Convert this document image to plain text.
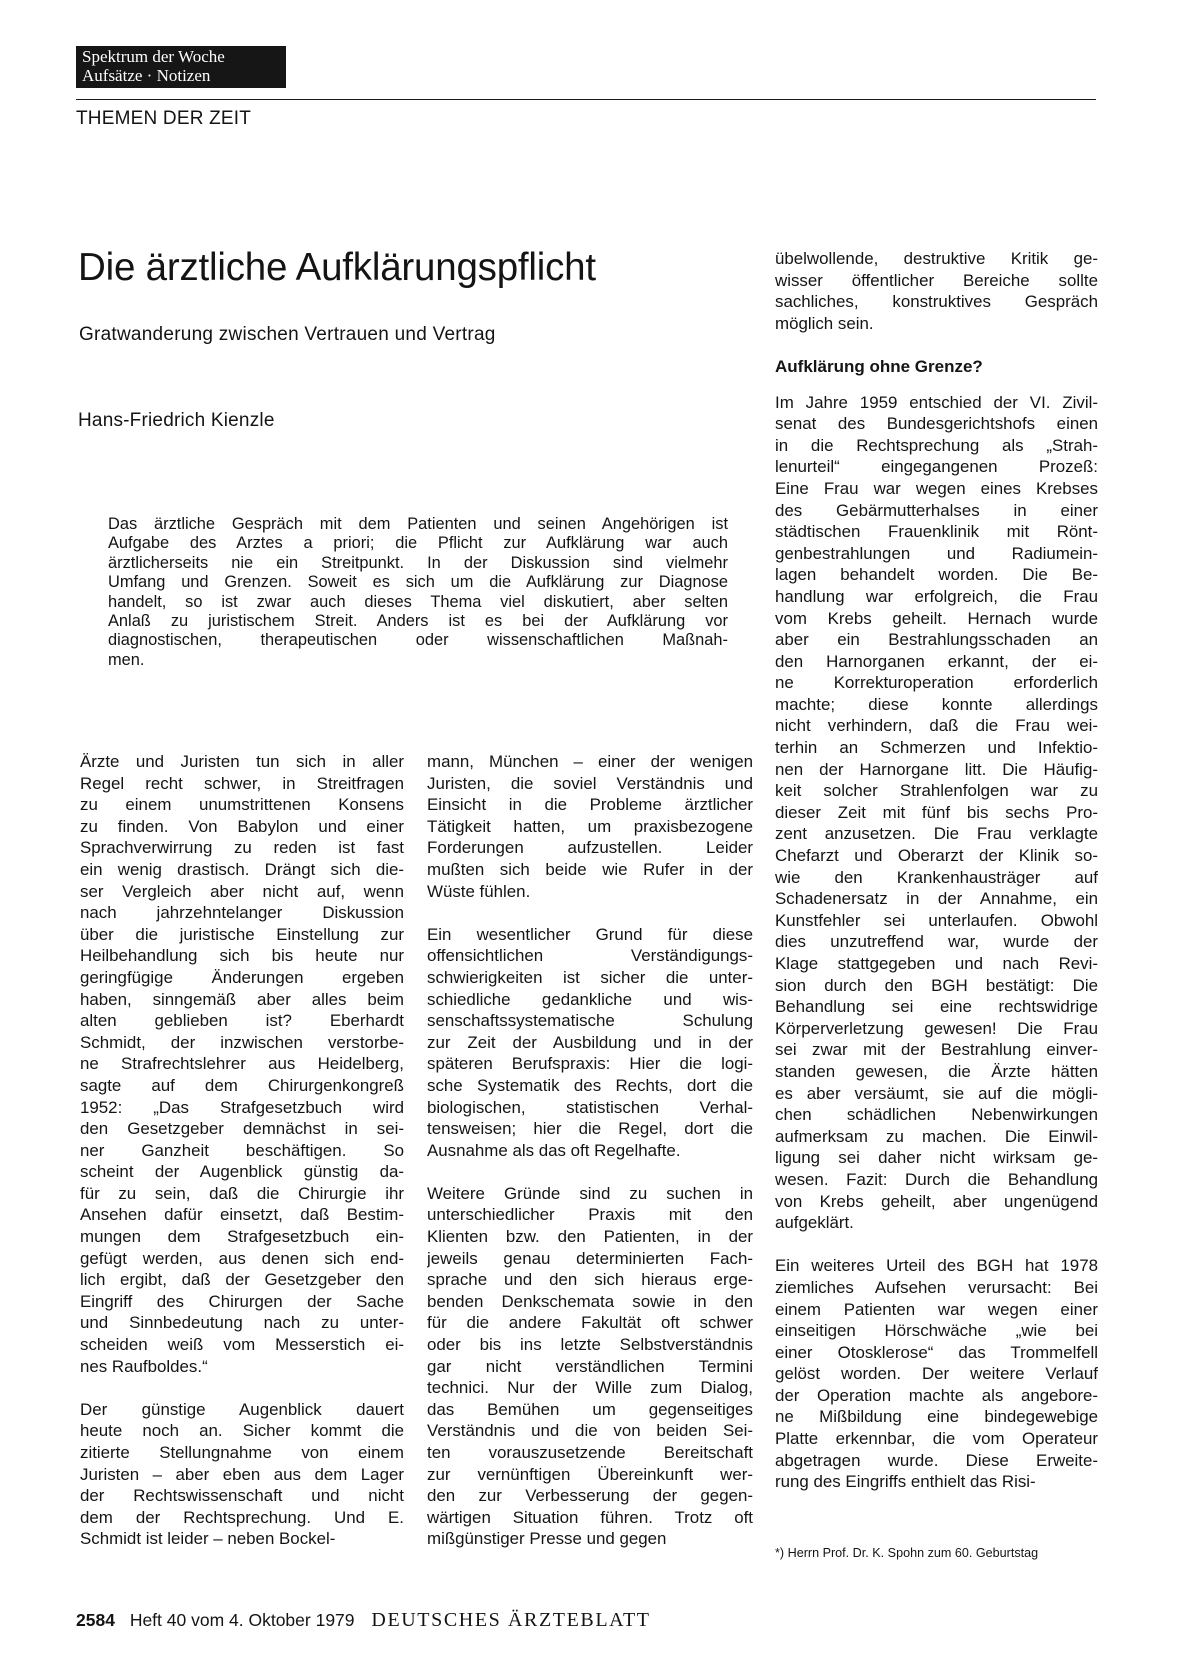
Spektrum der Woche
Aufsätze · Notizen
THEMEN DER ZEIT
Die ärztliche Aufklärungspflicht
Gratwanderung zwischen Vertrauen und Vertrag
Hans-Friedrich Kienzle
Das ärztliche Gespräch mit dem Patienten und seinen Angehörigen ist
Aufgabe des Arztes a priori; die Pflicht zur Aufklärung war auch
ärztlicherseits nie ein Streitpunkt. In der Diskussion sind vielmehr
Umfang und Grenzen. Soweit es sich um die Aufklärung zur Diagnose
handelt, so ist zwar auch dieses Thema viel diskutiert, aber selten
Anlaß zu juristischem Streit. Anders ist es bei der Aufklärung vor
diagnostischen, therapeutischen oder wissenschaftlichen Maßnah-
men.
Ärzte und Juristen tun sich in aller
Regel recht schwer, in Streitfragen
zu einem unumstrittenen Konsens
zu finden. Von Babylon und einer
Sprachverwirrung zu reden ist fast
ein wenig drastisch. Drängt sich die-
ser Vergleich aber nicht auf, wenn
nach jahrzehntelanger Diskussion
über die juristische Einstellung zur
Heilbehandlung sich bis heute nur
geringfügige Änderungen ergeben
haben, sinngemäß aber alles beim
alten geblieben ist? Eberhardt
Schmidt, der inzwischen verstorbe-
ne Strafrechtslehrer aus Heidelberg,
sagte auf dem Chirurgenkongreß
1952: „Das Strafgesetzbuch wird
den Gesetzgeber demnächst in sei-
ner Ganzheit beschäftigen. So
scheint der Augenblick günstig da-
für zu sein, daß die Chirurgie ihr
Ansehen dafür einsetzt, daß Bestim-
mungen dem Strafgesetzbuch ein-
gefügt werden, aus denen sich end-
lich ergibt, daß der Gesetzgeber den
Eingriff des Chirurgen der Sache
und Sinnbedeutung nach zu unter-
scheiden weiß vom Messerstich ei-
nes Raufboldes.“
Der günstige Augenblick dauert
heute noch an. Sicher kommt die
zitierte Stellungnahme von einem
Juristen – aber eben aus dem Lager
der Rechtswissenschaft und nicht
dem der Rechtsprechung. Und E.
Schmidt ist leider – neben Bockel-
mann, München – einer der wenigen
Juristen, die soviel Verständnis und
Einsicht in die Probleme ärztlicher
Tätigkeit hatten, um praxisbezogene
Forderungen aufzustellen. Leider
mußten sich beide wie Rufer in der
Wüste fühlen.
Ein wesentlicher Grund für diese
offensichtlichen Verständigungs-
schwierigkeiten ist sicher die unter-
schiedliche gedankliche und wis-
senschaftssystematische Schulung
zur Zeit der Ausbildung und in der
späteren Berufspraxis: Hier die logi-
sche Systematik des Rechts, dort die
biologischen, statistischen Verhal-
tensweisen; hier die Regel, dort die
Ausnahme als das oft Regelhafte.
Weitere Gründe sind zu suchen in
unterschiedlicher Praxis mit den
Klienten bzw. den Patienten, in der
jeweils genau determinierten Fach-
sprache und den sich hieraus erge-
benden Denkschemata sowie in den
für die andere Fakultät oft schwer
oder bis ins letzte Selbstverständnis
gar nicht verständlichen Termini
technici. Nur der Wille zum Dialog,
das Bemühen um gegenseitiges
Verständnis und die von beiden Sei-
ten vorauszusetzende Bereitschaft
zur vernünftigen Übereinkunft wer-
den zur Verbesserung der gegen-
wärtigen Situation führen. Trotz oft
mißgünstiger Presse und gegen
übelwollende, destruktive Kritik ge-
wisser öffentlicher Bereiche sollte
sachliches, konstruktives Gespräch
möglich sein.
Aufklärung ohne Grenze?
Im Jahre 1959 entschied der VI. Zivil-
senat des Bundesgerichtshofs einen
in die Rechtsprechung als „Strah-
lenurteil“ eingegangenen Prozeß:
Eine Frau war wegen eines Krebses
des Gebärmutterhalses in einer
städtischen Frauenklinik mit Rönt-
genbestrahlungen und Radiumein-
lagen behandelt worden. Die Be-
handlung war erfolgreich, die Frau
vom Krebs geheilt. Hernach wurde
aber ein Bestrahlungsschaden an
den Harnorganen erkannt, der ei-
ne Korrekturoperation erforderlich
machte; diese konnte allerdings
nicht verhindern, daß die Frau wei-
terhin an Schmerzen und Infektio-
nen der Harnorgane litt. Die Häufig-
keit solcher Strahlenfolgen war zu
dieser Zeit mit fünf bis sechs Pro-
zent anzusetzen. Die Frau verklagte
Chefarzt und Oberarzt der Klinik so-
wie den Krankenhausträger auf
Schadenersatz in der Annahme, ein
Kunstfehler sei unterlaufen. Obwohl
dies unzutreffend war, wurde der
Klage stattgegeben und nach Revi-
sion durch den BGH bestätigt: Die
Behandlung sei eine rechtswidrige
Körperverletzung gewesen! Die Frau
sei zwar mit der Bestrahlung einver-
standen gewesen, die Ärzte hätten
es aber versäumt, sie auf die mögli-
chen schädlichen Nebenwirkungen
aufmerksam zu machen. Die Einwil-
ligung sei daher nicht wirksam ge-
wesen. Fazit: Durch die Behandlung
von Krebs geheilt, aber ungenügend
aufgeklärt.
Ein weiteres Urteil des BGH hat 1978
ziemliches Aufsehen verursacht: Bei
einem Patienten war wegen einer
einseitigen Hörschwäche „wie bei
einer Otosklerose“ das Trommelfell
gelöst worden. Der weitere Verlauf
der Operation machte als angebore-
ne Mißbildung eine bindegewebige
Platte erkennbar, die vom Operateur
abgetragen wurde. Diese Erweite-
rung des Eingriffs enthielt das Risi-
*) Herrn Prof. Dr. K. Spohn zum 60. Geburtstag
2584 Heft 40 vom 4. Oktober 1979 DEUTSCHES ÄRZTEBLATT
